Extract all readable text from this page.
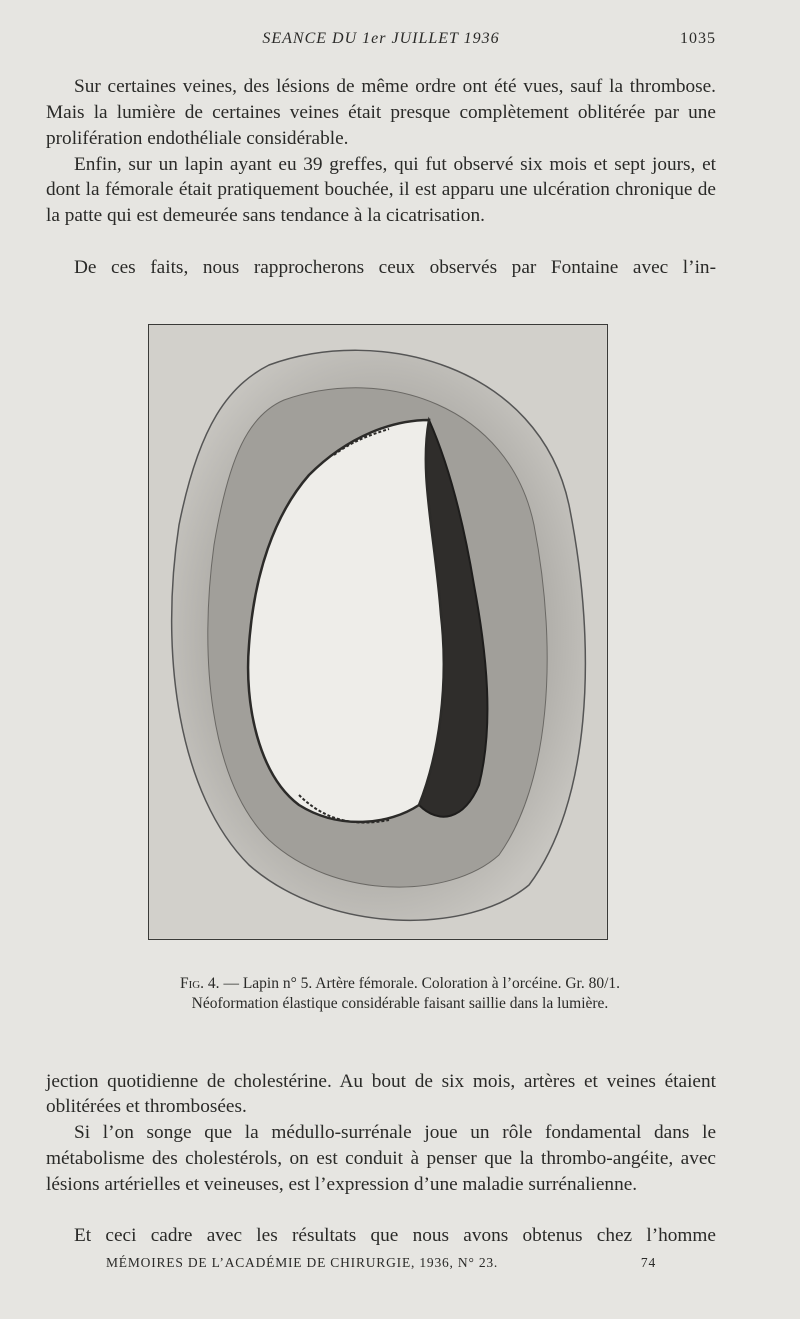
SEANCE DU 1er JUILLET 1936	1035

Sur certaines veines, des lésions de même ordre ont été vues, sauf la thrombose. Mais la lumière de certaines veines était presque complètement oblitérée par une prolifération endothéliale considérable.

Enfin, sur un lapin ayant eu 39 greffes, qui fut observé six mois et sept jours, et dont la fémorale était pratiquement bouchée, il est apparu une ulcération chronique de la patte qui est demeurée sans tendance à la cicatrisation.

De ces faits, nous rapprocherons ceux observés par Fontaine avec l’in-

Fig. 4. — Lapin n° 5. Artère fémorale. Coloration à l’orcéine. Gr. 80/1.
Néoformation élastique considérable faisant saillie dans la lumière.

jection quotidienne de cholestérine. Au bout de six mois, artères et veines étaient oblitérées et thrombosées.

Si l’on songe que la médullo-surrénale joue un rôle fondamental dans le métabolisme des cholestérols, on est conduit à penser que la thrombo-angéite, avec lésions artérielles et veineuses, est l’expression d’une maladie surrénalienne.

Et ceci cadre avec les résultats que nous avons obtenus chez l’homme

MÉMOIRES DE L’ACADÉMIE DE CHIRURGIE, 1936, N° 23.	74
